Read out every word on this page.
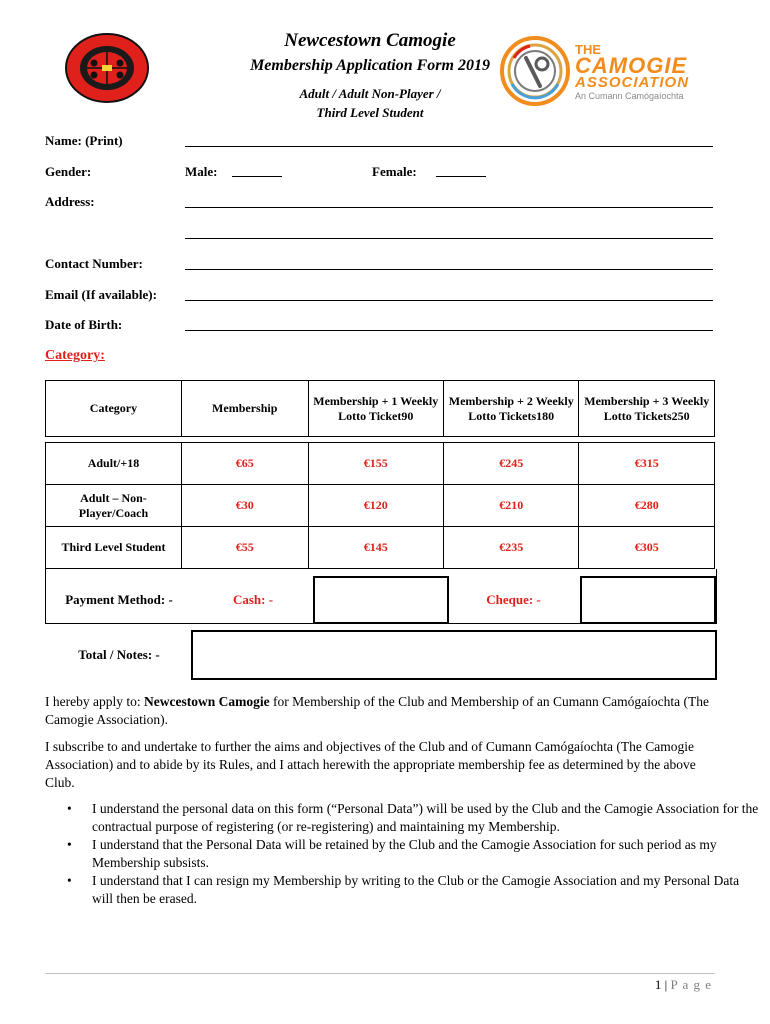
Newcestown Camogie
Membership Application Form 2019
Adult / Adult Non-Player /
Third Level Student
THE
CAMOGIE
ASSOCIATION
An Cumann Camógaíochta
Name: (Print)
Gender:	Male:	Female:
Address:
Contact Number:
Email (If available):
Date of Birth:
Category:
Category	Membership	Membership + 1 Weekly Lotto Ticket90	Membership + 2 Weekly Lotto Tickets180	Membership + 3 Weekly Lotto Tickets250

Adult/+18	€65	€155	€245	€315
Adult – Non-Player/Coach	€30	€120	€210	€280
Third Level Student	€55	€145	€235	€305
Payment Method: -	Cash: -	Cheque: -
Total / Notes: -
I hereby apply to: Newcestown Camogie for Membership of the Club and Membership of an Cumann Camógaíochta (The Camogie Association).
I subscribe to and undertake to further the aims and objectives of the Club and of Cumann Camógaíochta (The Camogie Association) and to abide by its Rules, and I attach herewith the appropriate membership fee as determined by the above Club.
• I understand the personal data on this form (“Personal Data”) will be used by the Club and the Camogie Association for the contractual purpose of registering (or re-registering) and maintaining my Membership.
• I understand that the Personal Data will be retained by the Club and the Camogie Association for such period as my Membership subsists.
• I understand that I can resign my Membership by writing to the Club or the Camogie Association and my Personal Data will then be erased.
1 | P a g e
